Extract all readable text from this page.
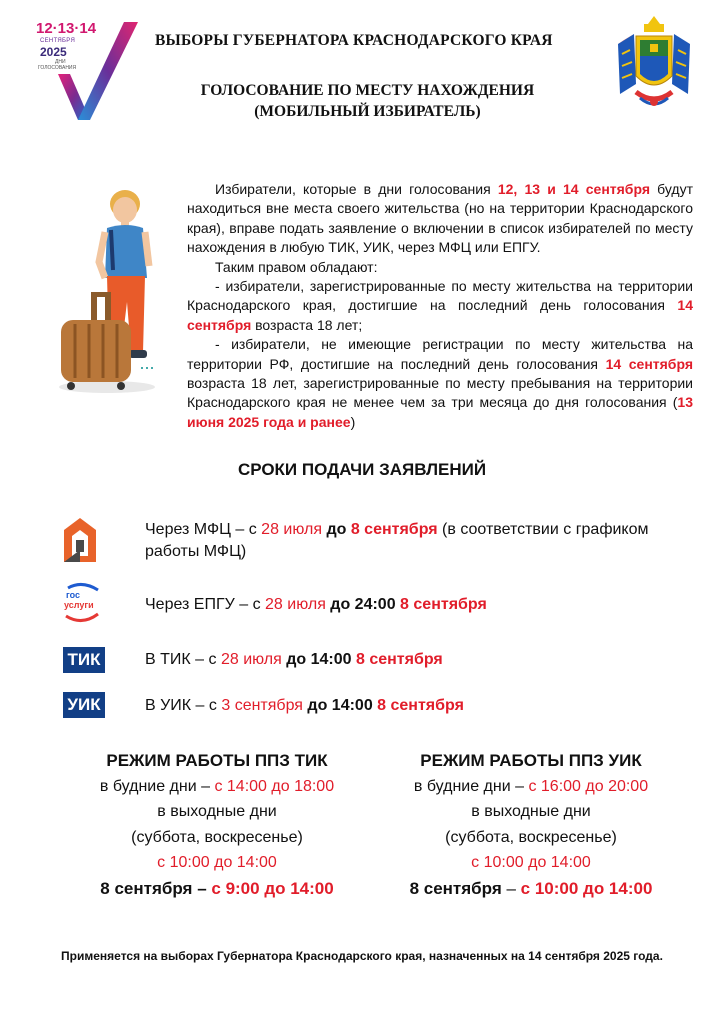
12·13·14
СЕНТЯБРЯ
2025
ДНИ
ГОЛОСОВАНИЯ
ВЫБОРЫ ГУБЕРНАТОРА КРАСНОДАРСКОГО КРАЯ
ГОЛОСОВАНИЕ ПО МЕСТУ НАХОЖДЕНИЯ
(МОБИЛЬНЫЙ ИЗБИРАТЕЛЬ)

Избиратели, которые в дни голосования 12, 13 и 14 сентября будут находиться вне места своего жительства (но на территории Краснодарского края), вправе подать заявление о включении в список избирателей по месту нахождения в любую ТИК, УИК, через МФЦ или ЕПГУ.

Таким правом обладают:

- избиратели, зарегистрированные по месту жительства на территории Краснодарского края, достигшие на последний день голосования 14 сентября возраста 18 лет;

- избиратели, не имеющие регистрации по месту жительства на территории РФ, достигшие на последний день голосования 14 сентября возраста 18 лет, зарегистрированные по месту пребывания на территории Краснодарского края не менее чем за три месяца до дня голосования (13 июня 2025 года и ранее)

СРОКИ ПОДАЧИ ЗАЯВЛЕНИЙ
Через МФЦ – с 28 июля до 8 сентября (в соответствии с графиком работы МФЦ)
гос
услуги	Через ЕПГУ – с 28 июля до 24:00 8 сентября
ТИК	В ТИК – с 28 июля до 14:00 8 сентября
УИК	В УИК – с 3 сентября до 14:00 8 сентября
РЕЖИМ РАБОТЫ ППЗ ТИК
в будние дни – с 14:00 до 18:00
в выходные дни
(суббота, воскресенье)
с 10:00 до 14:00
8 сентября – с 9:00 до 14:00
РЕЖИМ РАБОТЫ ППЗ УИК
в будние дни – с 16:00 до 20:00
в выходные дни
(суббота, воскресенье)
с 10:00 до 14:00
8 сентября – с 10:00 до 14:00
Применяется на выборах Губернатора Краснодарского края, назначенных на 14 сентября 2025 года.
